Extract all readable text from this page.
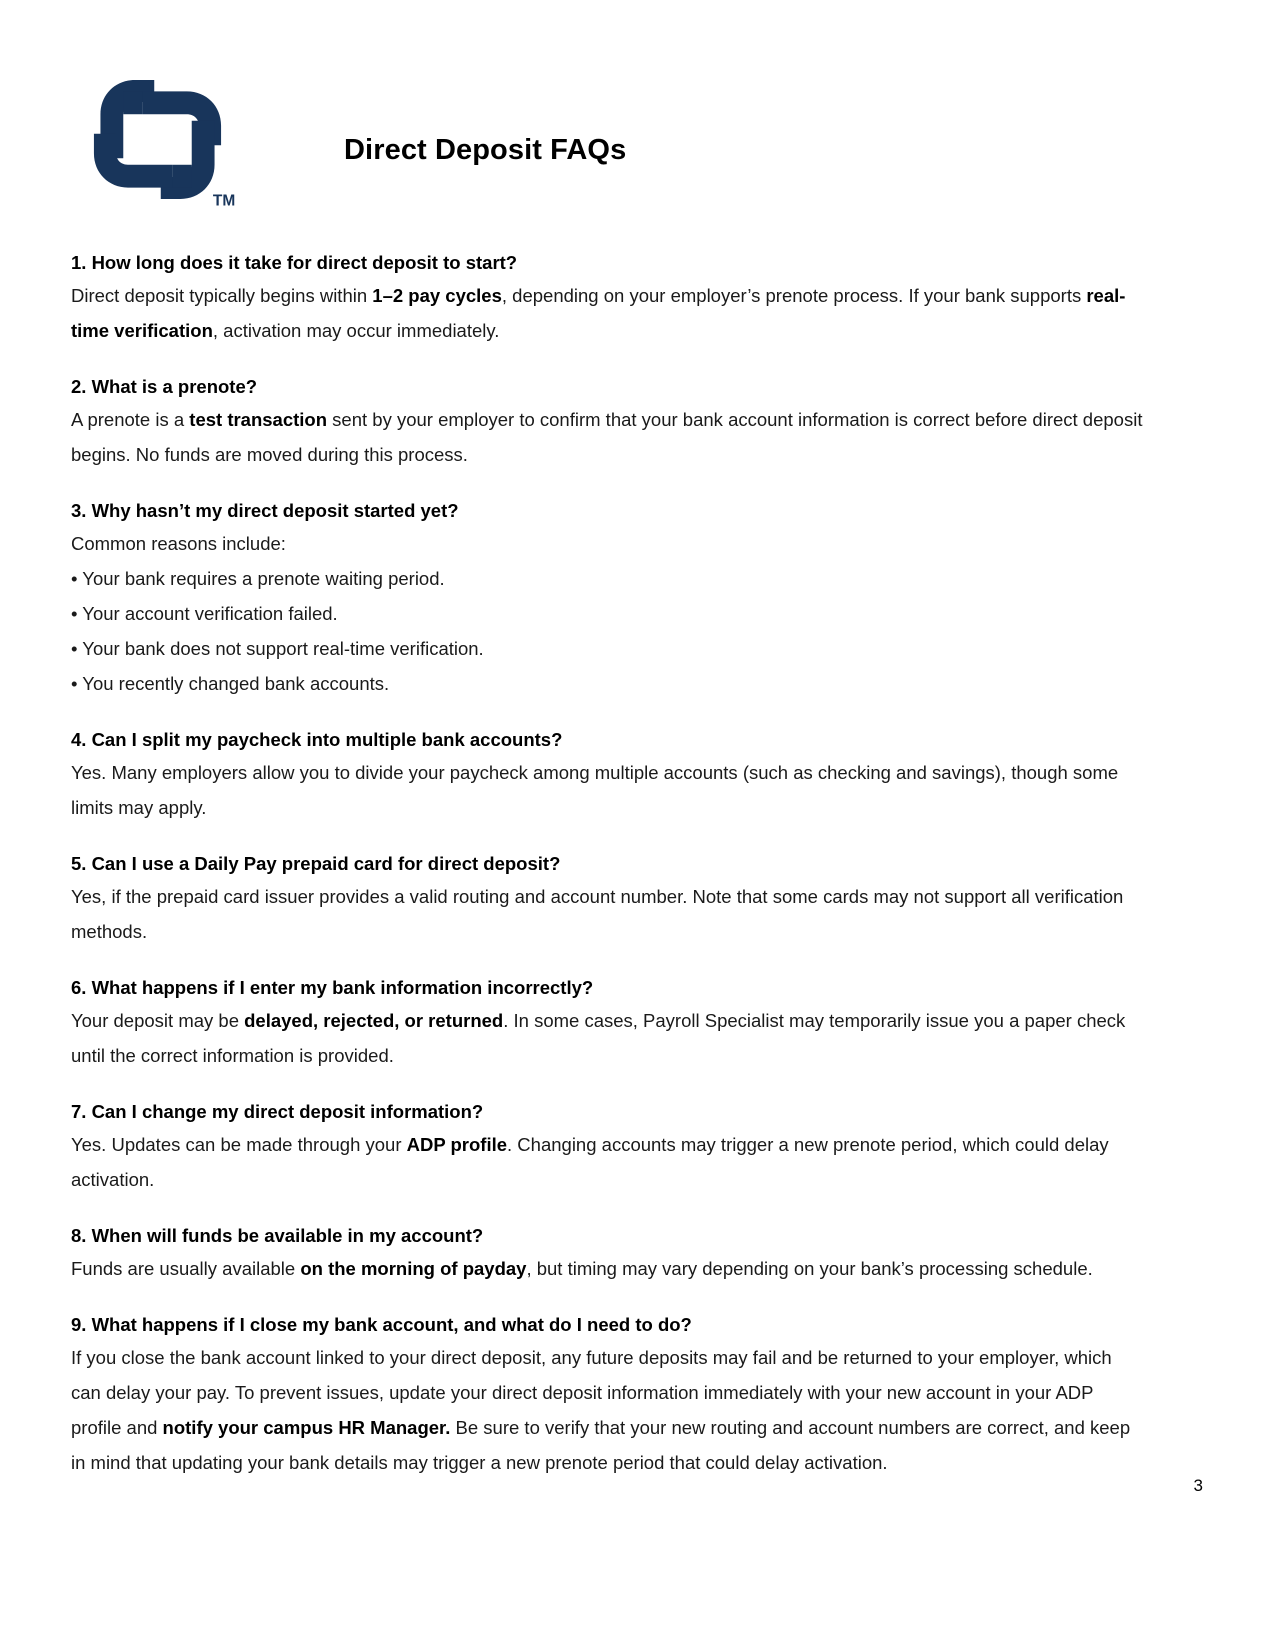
TM
Direct Deposit FAQs

1. How long does it take for direct deposit to start?

Direct deposit typically begins within 1–2 pay cycles, depending on your employer’s prenote process. If your bank supports real-time verification, activation may occur immediately.

2. What is a prenote?

A prenote is a test transaction sent by your employer to confirm that your bank account information is correct before direct deposit begins. No funds are moved during this process.

3. Why hasn’t my direct deposit started yet?

Common reasons include:

• Your bank requires a prenote waiting period.
• Your account verification failed.
• Your bank does not support real-time verification.
• You recently changed bank accounts.

4. Can I split my paycheck into multiple bank accounts?

Yes. Many employers allow you to divide your paycheck among multiple accounts (such as checking and savings), though some limits may apply.

5. Can I use a Daily Pay prepaid card for direct deposit?

Yes, if the prepaid card issuer provides a valid routing and account number. Note that some cards may not support all verification methods.

6. What happens if I enter my bank information incorrectly?

Your deposit may be delayed, rejected, or returned. In some cases, Payroll Specialist may temporarily issue you a paper check until the correct information is provided.

7. Can I change my direct deposit information?

Yes. Updates can be made through your ADP profile. Changing accounts may trigger a new prenote period, which could delay activation.

8. When will funds be available in my account?

Funds are usually available on the morning of payday, but timing may vary depending on your bank’s processing schedule.

9. What happens if I close my bank account, and what do I need to do?

If you close the bank account linked to your direct deposit, any future deposits may fail and be returned to your employer, which can delay your pay. To prevent issues, update your direct deposit information immediately with your new account in your ADP profile and notify your campus HR Manager. Be sure to verify that your new routing and account numbers are correct, and keep in mind that updating your bank details may trigger a new prenote period that could delay activation.

3
